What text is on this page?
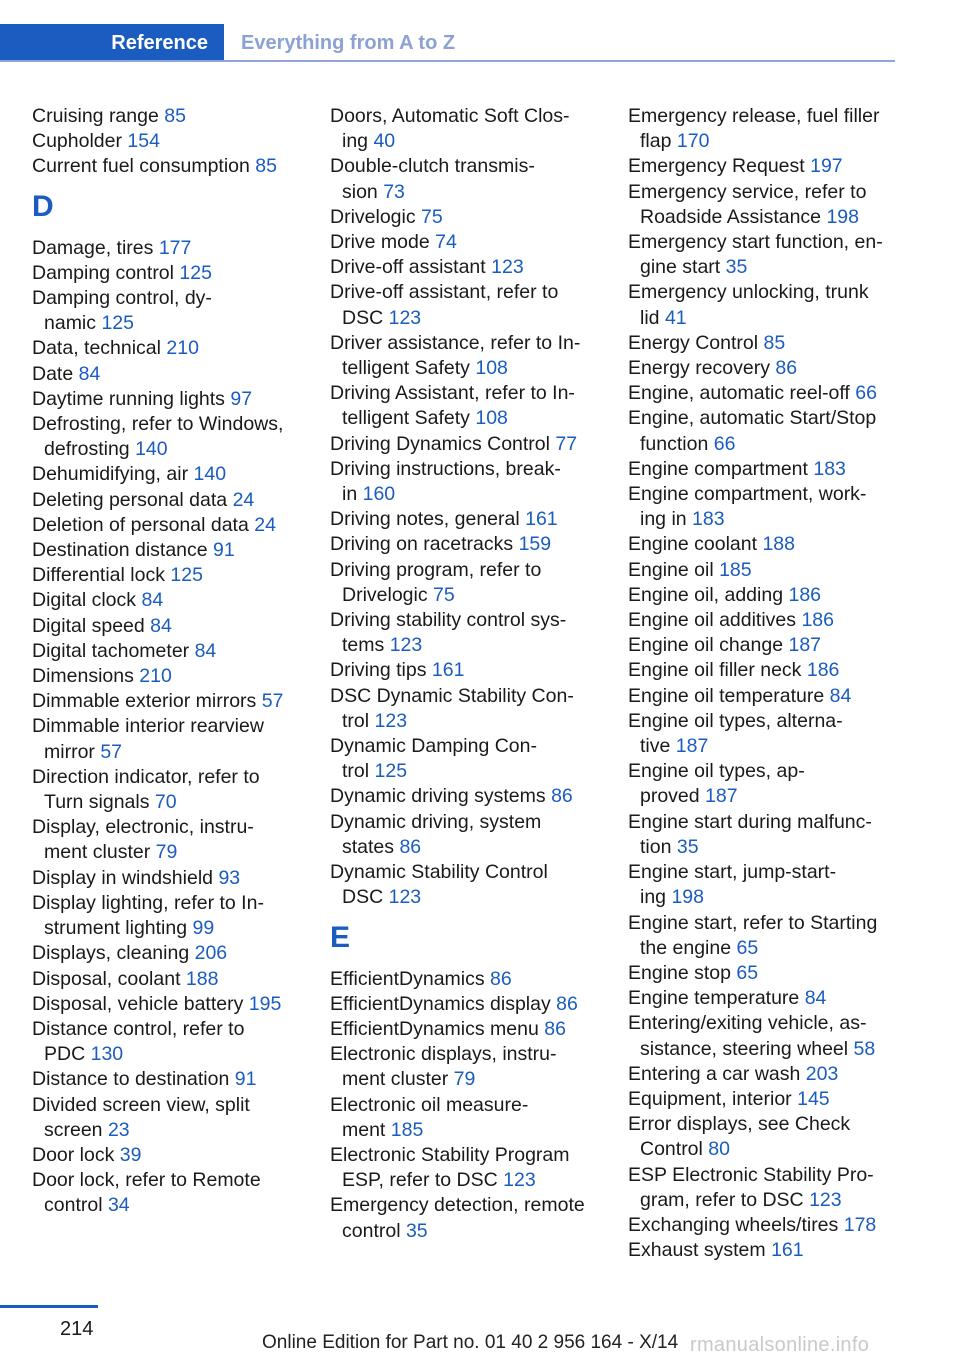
Reference	Everything from A to Z
Cruising range 85
Cupholder 154
Current fuel consumption 85
D
Damage, tires 177
Damping control 125
Damping control, dy‑
namic 125
Data, technical 210
Date 84
Daytime running lights 97
Defrosting, refer to Windows,
defrosting 140
Dehumidifying, air 140
Deleting personal data 24
Deletion of personal data 24
Destination distance 91
Differential lock 125
Digital clock 84
Digital speed 84
Digital tachometer 84
Dimensions 210
Dimmable exterior mirrors 57
Dimmable interior rearview
mirror 57
Direction indicator, refer to
Turn signals 70
Display, electronic, instru‑
ment cluster 79
Display in windshield 93
Display lighting, refer to In‑
strument lighting 99
Displays, cleaning 206
Disposal, coolant 188
Disposal, vehicle battery 195
Distance control, refer to
PDC 130
Distance to destination 91
Divided screen view, split
screen 23
Door lock 39
Door lock, refer to Remote
control 34
Doors, Automatic Soft Clos‑
ing 40
Double-clutch transmis‑
sion 73
Drivelogic 75
Drive mode 74
Drive-off assistant 123
Drive-off assistant, refer to
DSC 123
Driver assistance, refer to In‑
telligent Safety 108
Driving Assistant, refer to In‑
telligent Safety 108
Driving Dynamics Control 77
Driving instructions, break-
in 160
Driving notes, general 161
Driving on racetracks 159
Driving program, refer to
Drivelogic 75
Driving stability control sys‑
tems 123
Driving tips 161
DSC Dynamic Stability Con‑
trol 123
Dynamic Damping Con‑
trol 125
Dynamic driving systems 86
Dynamic driving, system
states 86
Dynamic Stability Control
DSC 123
E
EfficientDynamics 86
EfficientDynamics display 86
EfficientDynamics menu 86
Electronic displays, instru‑
ment cluster 79
Electronic oil measure‑
ment 185
Electronic Stability Program
ESP, refer to DSC 123
Emergency detection, remote
control 35
Emergency release, fuel filler
flap 170
Emergency Request 197
Emergency service, refer to
Roadside Assistance 198
Emergency start function, en‑
gine start 35
Emergency unlocking, trunk
lid 41
Energy Control 85
Energy recovery 86
Engine, automatic reel-off 66
Engine, automatic Start/Stop
function 66
Engine compartment 183
Engine compartment, work‑
ing in 183
Engine coolant 188
Engine oil 185
Engine oil, adding 186
Engine oil additives 186
Engine oil change 187
Engine oil filler neck 186
Engine oil temperature 84
Engine oil types, alterna‑
tive 187
Engine oil types, ap‑
proved 187
Engine start during malfunc‑
tion 35
Engine start, jump-start‑
ing 198
Engine start, refer to Starting
the engine 65
Engine stop 65
Engine temperature 84
Entering/exiting vehicle, as‑
sistance, steering wheel 58
Entering a car wash 203
Equipment, interior 145
Error displays, see Check
Control 80
ESP Electronic Stability Pro‑
gram, refer to DSC 123
Exchanging wheels/tires 178
Exhaust system 161
214
Online Edition for Part no. 01 40 2 956 164 - X/14 rmanualsonline.info
